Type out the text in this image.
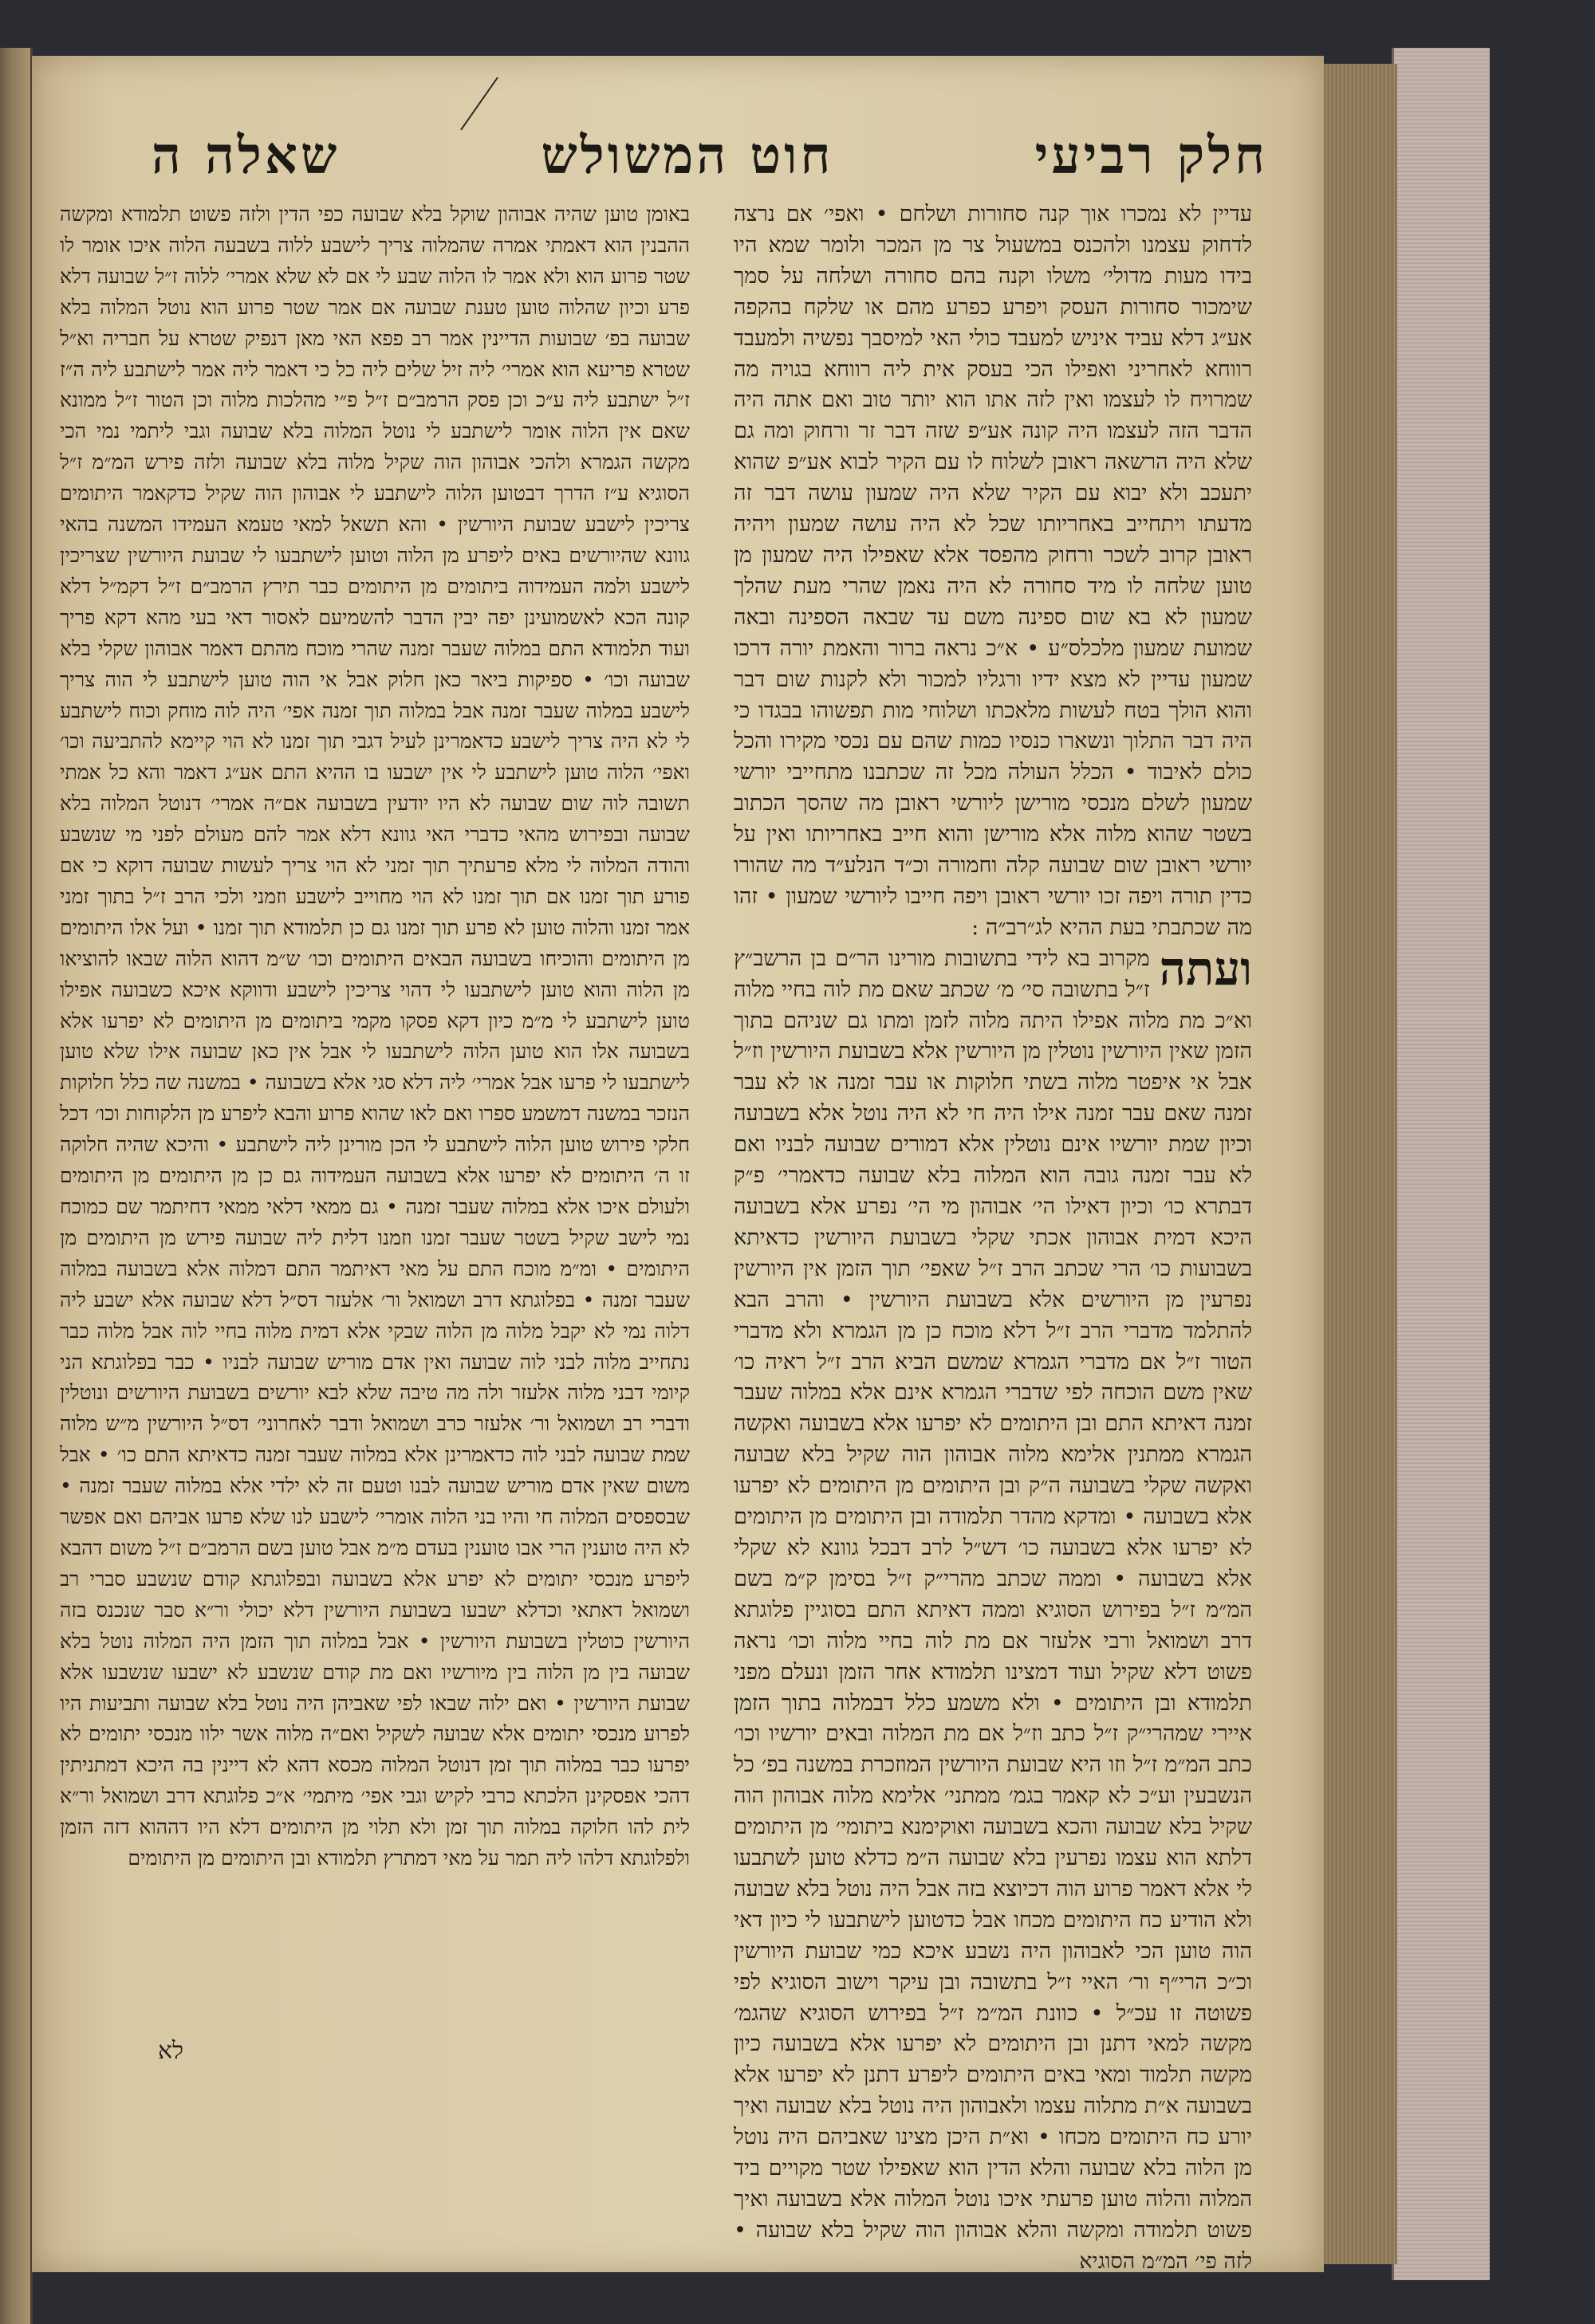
חלק רביעי
חוט המשולש
שאלה ה

עדיין לא נמכרו אוך קנה סחורות ושלחם • ואפי׳ אם נרצה לדחוק עצמנו ולהכנס במשעול צר מן המכר ולומר שמא היו בידו מעות מדולי׳ משלו וקנה בהם סחורה ושלחה על סמך שימכור סחורות העסק ויפרע כפרע מהם או שלקח בהקפה אע״ג דלא עביד איניש למעבד כולי האי למיסבך נפשיה ולמעבד רווחא לאחריני ואפילו הכי בעסק אית ליה רווחא בגויה מה שמרויח לו לעצמו ואין לזה אתו הוא יותר טוב ואם אתה היה הדבר הזה לעצמו היה קונה אע״פ שזה דבר זר ורחוק ומה גם שלא היה הרשאה ראובן לשלוח לו עם הקיר לבוא אע״פ שהוא יתעכב ולא יבוא עם הקיר שלא היה שמעון עושה דבר זה מדעתו ויתחייב באחריותו שכל לא היה עושה שמעון ויהיה ראובן קרוב לשכר ורחוק מהפסד אלא שאפילו היה שמעון מן טוען שלחה לו מיד סחורה לא היה נאמן שהרי מעת שהלך שמעון לא בא שום ספינה משם עד שבאה הספינה ובאה שמועת שמעון מלכלס״ע • א״כ נראה ברור והאמת יורה דרכו שמעון עדיין לא מצא ידיו ורגליו למכור ולא לקנות שום דבר והוא הולך בטח לעשות מלאכתו ושלוחי מות תפשוהו בבגדו כי היה דבר התלוך ונשארו כנסיו כמות שהם עם נכסי מקירו והכל כולם לאיבוד • הכלל העולה מכל זה שכתבנו מתחייבי יורשי שמעון לשלם מנכסי מורישן ליורשי ראובן מה שהסך הכתוב בשטר שהוא מלוה אלא מורישן והוא חייב באחריותו ואין על יורשי ראובן שום שבועה קלה וחמורה וכ״ד הנלע״ד מה שהורו כדין תורה ויפה זכו יורשי ראובן ויפה חייבו ליורשי שמעון • זהו מה שכתבתי בעת ההיא לג״רב״ה :

ועתה
מקרוב בא לידי בתשובות מורינו הר״ם בן הרשב״ץ ז״ל בתשובה סי׳ מ׳ שכתב שאם מת לוה בחיי מלוה וא״כ מת מלוה אפילו היתה מלוה לזמן ומתו גם שניהם בתוך הזמן שאין היורשין נוטלין מן היורשין אלא בשבועת היורשין וז״ל אבל אי איפטר מלוה בשתי חלוקות או עבר זמנה או לא עבר זמנה שאם עבר זמנה אילו היה חי לא היה נוטל אלא בשבועה וכיון שמת יורשיו אינם נוטלין אלא דמורים שבועה לבניו ואם לא עבר זמנה גובה הוא המלוה בלא שבועה כדאמרי׳ פ״ק דבתרא כו׳ וכיון דאילו הי׳ אבוהון מי הי׳ נפרע אלא בשבועה היכא דמית אבוהון אכתי שקלי בשבועת היורשין כדאיתא בשבועות כו׳ הרי שכתב הרב ז״ל שאפי׳ תוך הזמן אין היורשין נפרעין מן היורשים אלא בשבועת היורשין • והרב הבא להתלמד מדברי הרב ז״ל דלא מוכח כן מן הגמרא ולא מדברי הטור ז״ל אם מדברי הגמרא שמשם הביא הרב ז״ל ראיה כו׳ שאין משם הוכחה לפי שדברי הגמרא אינם אלא במלוה שעבר זמנה דאיתא התם ובן היתומים לא יפרעו אלא בשבועה ואקשה הגמרא ממתנין אלימא מלוה אבוהון הוה שקיל בלא שבועה ואקשה שקלי בשבועה ה״ק ובן היתומים מן היתומים לא יפרעו אלא בשבועה • ומדקא מהדר תלמודה ובן היתומים מן היתומים לא יפרעו אלא בשבועה כו׳ דש״ל לרב דבכל גוונא לא שקלי אלא בשבועה • וממה שכתב מהרי״ק ז״ל בסימן ק״מ בשם המ״מ ז״ל בפירוש הסוגיא וממה דאיתא התם בסוגיין פלוגתא דרב ושמואל ורבי אלעזר אם מת לוה בחיי מלוה וכו׳ נראה פשוט דלא שקיל ועוד דמצינו תלמודא אחר הזמן ונעלם מפני תלמודא ובן היתומים • ולא משמע כלל דבמלוה בתוך הזמן איירי שמהרי״ק ז״ל כתב וז״ל אם מת המלוה ובאים יורשיו וכו׳ כתב המ״מ ז״ל וזו היא שבועת היורשין המוזכרת במשנה בפ׳ כל הנשבעין וע״כ לא קאמר בגמ׳ ממתני׳ אלימא מלוה אבוהון הוה שקיל בלא שבועה והכא בשבועה ואוקימנא ביתומי׳ מן היתומים דלתא הוא עצמו נפרעין בלא שבועה ה״מ כדלא טוען לשתבעו לי אלא דאמר פרוע הוה דכיוצא בזה אבל היה נוטל בלא שבועה ולא הודיע כח היתומים מכחו אבל כדטוען לישתבעו לי כיון דאי הוה טוען הכי לאבוהון היה נשבע איכא כמי שבועת היורשין וכ״כ הרי״ף ור׳ האיי ז״ל בתשובה ובן עיקר וישוב הסוגיא לפי פשוטה זו עכ״ל • כוונת המ״מ ז״ל בפירוש הסוגיא שהגמ׳ מקשה למאי דתנן ובן היתומים לא יפרעו אלא בשבועה כיון מקשה תלמוד ומאי באים היתומים ליפרע דתנן לא יפרעו אלא בשבועה א״ת מתלוה עצמו ולאבוהון היה נוטל בלא שבועה ואיך יורע כח היתומים מכחו • וא״ת היכן מצינו שאביהם היה נוטל מן הלוה בלא שבועה והלא הדין הוא שאפילו שטר מקויים ביד המלוה והלוה טוען פרעתי איכו נוטל המלוה אלא בשבועה ואיך פשוט תלמודה ומקשה והלא אבוהון הוה שקיל בלא שבועה • לזה פי׳ המ״מ הסוגיא

באומן טוען שהיה אבוהון שוקל בלא שבועה כפי הדין ולזה פשוט תלמודא ומקשה ההבנין הוא דאמתי אמרה שהמלוה צריך לישבע ללוה בשבעה הלוה איכו אומר לו שטר פרוע הוא ולא אמר לו הלוה שבע לי אם לא שלא אמרי׳ ללוה ז״ל שבועה דלא פרע וכיון שהלוה טוען טענת שבועה אם אמר שטר פרוע הוא נוטל המלוה בלא שבועה בפ׳ שבועות הדיינין אמר רב פפא האי מאן דנפיק שטרא על חבריה וא״ל שטרא פריעא הוא אמרי׳ ליה זיל שלים ליה כל כי דאמר ליה אמר לישתבע ליה ה״ז ז״ל ישתבע ליה ע״כ וכן פסק הרמב״ם ז״ל פ״י מהלכות מלוה וכן הטור ז״ל ממונא שאם אין הלוה אומר לישתבע לי נוטל המלוה בלא שבועה וגבי ליתמי נמי הכי מקשה הגמרא ולהכי אבוהון הוה שקיל מלוה בלא שבועה ולזה פירש המ״מ ז״ל הסוגיא ע״ז הדרך דבטוען הלוה לישתבע לי אבוהון הוה שקיל כדקאמר היתומים צריכין לישבע שבועת היורשין • והא תשאל למאי טעמא העמידו המשנה בהאי גוונא שהיורשים באים ליפרע מן הלוה וטוען לישתבעו לי שבועת היורשין שצריכין לישבע ולמה העמידוה ביתומים מן היתומים כבר תירץ הרמב״ם ז״ל דקמ״ל דלא קונה הכא לאשמועינן יפה יבין הדבר להשמיעם לאסור דאי בעי מהא דקא פריך ועוד תלמודא התם במלוה שעבר זמנה שהרי מוכח מהתם דאמר אבוהון שקלי בלא שבועה וכו׳ • ספיקות ביאר כאן חלוק אבל אי הוה טוען לישתבע לי הוה צריך לישבע במלוה שעבר זמנה אבל במלוה תוך זמנה אפי׳ היה לוה מוחק וכוח לישתבע לי לא היה צריך לישבע כדאמרינן לעיל דגבי תוך זמנו לא הוי קיימא להתביעה וכו׳ ואפי׳ הלוה טוען לישתבע לי אין ישבעו בו ההיא התם אע״ג דאמר והא כל אמתי תשובה לוה שום שבועה לא היו יודעין בשבועה אם״ה אמרי׳ דנוטל המלוה בלא שבועה ובפירוש מהאי כדברי האי גוונא דלא אמר להם מעולם לפני מי שנשבע והודה המלוה לי מלא פרעתיך תוך זמני לא הוי צריך לעשות שבועה דוקא כי אם פורע תוך זמנו אם תוך זמנו לא הוי מחוייב לישבע וזמני ולכי הרב ז״ל בתוך זמני אמר זמנו והלוה טוען לא פרע תוך זמנו גם כן תלמודא תוך זמנו • ועל אלו היתומים מן היתומים והוכיחו בשבועה הבאים היתומים וכו׳ ש״מ דהוא הלוה שבאו להוציאו מן הלוה והוא טוען לישתבעו לי דהוי צריכין לישבע ודווקא איכא כשבועה אפילו טוען לישתבע לי מ״מ כיון דקא פסקו מקמי ביתומים מן היתומים לא יפרעו אלא בשבועה אלו הוא טוען הלוה לישתבעו לי אבל אין כאן שבועה אילו שלא טוען לישתבעו לי פרעו אבל אמרי׳ ליה דלא סגי אלא בשבועה • במשנה שה כלל חלוקות הנזכר במשנה דמשמע ספרו ואם לאו שהוא פרוע והבא ליפרע מן הלקוחות וכו׳ דכל חלקי פירוש טוען הלוה לישתבע לי הכן מורינן ליה לישתבע • והיכא שהיה חלוקה זו ה׳ היתומים לא יפרעו אלא בשבועה העמידוה גם כן מן היתומים מן היתומים ולעולם איכו אלא במלוה שעבר זמנה • גם ממאי דלאי ממאי דחיתמר שם כמוכח נמי לישב שקיל בשטר שעבר זמנו וזמנו דלית ליה שבועה פירש מן היתומים מן היתומים • ומ״מ מוכח התם על מאי דאיתמר התם דמלוה אלא בשבועה במלוה שעבר זמנה • בפלוגתא דרב ושמואל ור׳ אלעזר דס״ל דלא שבועה אלא ישבע ליה דלוה נמי לא יקבל מלוה מן הלוה שבקי אלא דמית מלוה בחיי לוה אבל מלוה כבר נתחייב מלוה לבני לוה שבועה ואין אדם מוריש שבועה לבניו • כבר בפלוגתא הני קיומי דבני מלוה אלעזר ולה מה טיבה שלא לבא יורשים בשבועת היורשים ונוטלין ודברי רב ושמואל ור׳ אלעזר כרב ושמואל ודבר לאחרוני׳ דס״ל היורשין מ״ש מלוה שמת שבועה לבני לוה כדאמרינן אלא במלוה שעבר זמנה כדאיתא התם כו׳ • אבל משום שאין אדם מוריש שבועה לבנו וטעם זה לא ילדי אלא במלוה שעבר זמנה • שבספסים המלוה חי והיו בני הלוה אומרי׳ לישבע לנו שלא פרעו אביהם ואם אפשר לא היה טוענין הרי אבו טוענין בעדם מ״מ אבל טוען בשם הרמב״ם ז״ל משום דהבא ליפרע מנכסי יתומים לא יפרע אלא בשבועה ובפלוגתא קודם שנשבע סברי רב ושמואל דאתאי וכדלא ישבעו בשבועת היורשין דלא יכולי ור״א סבר שנכנס בזה היורשין כוטלין בשבועת היורשין • אבל במלוה תוך הזמן היה המלוה נוטל בלא שבועה בין מן הלוה בין מיורשיו ואם מת קודם שנשבע לא ישבעו שנשבעו אלא שבועת היורשין • ואם ילוה שבאו לפי שאביהן היה נוטל בלא שבועה ותביעות היו לפרוע מנכסי יתומים אלא שבועה לשקיל ואם״ה מלוה אשר ילוו מנכסי יתומים לא יפרעו כבר במלוה תוך זמן דנוטל המלוה מכסא דהא לא דיינין בה היכא דמתניתין דהכי אפסקינן הלכתא כרבי לקיש וגבי אפי׳ מיתמי׳ א״כ פלוגתא דרב ושמואל ור״א לית להו חלוקה במלוה תוך זמן ולא תלוי מן היתומים דלא היו דההוא דזה הזמן ולפלוגתא דלהו ליה תמר על מאי דמתרץ תלמודא ובן היתומים מן היתומים

לא
